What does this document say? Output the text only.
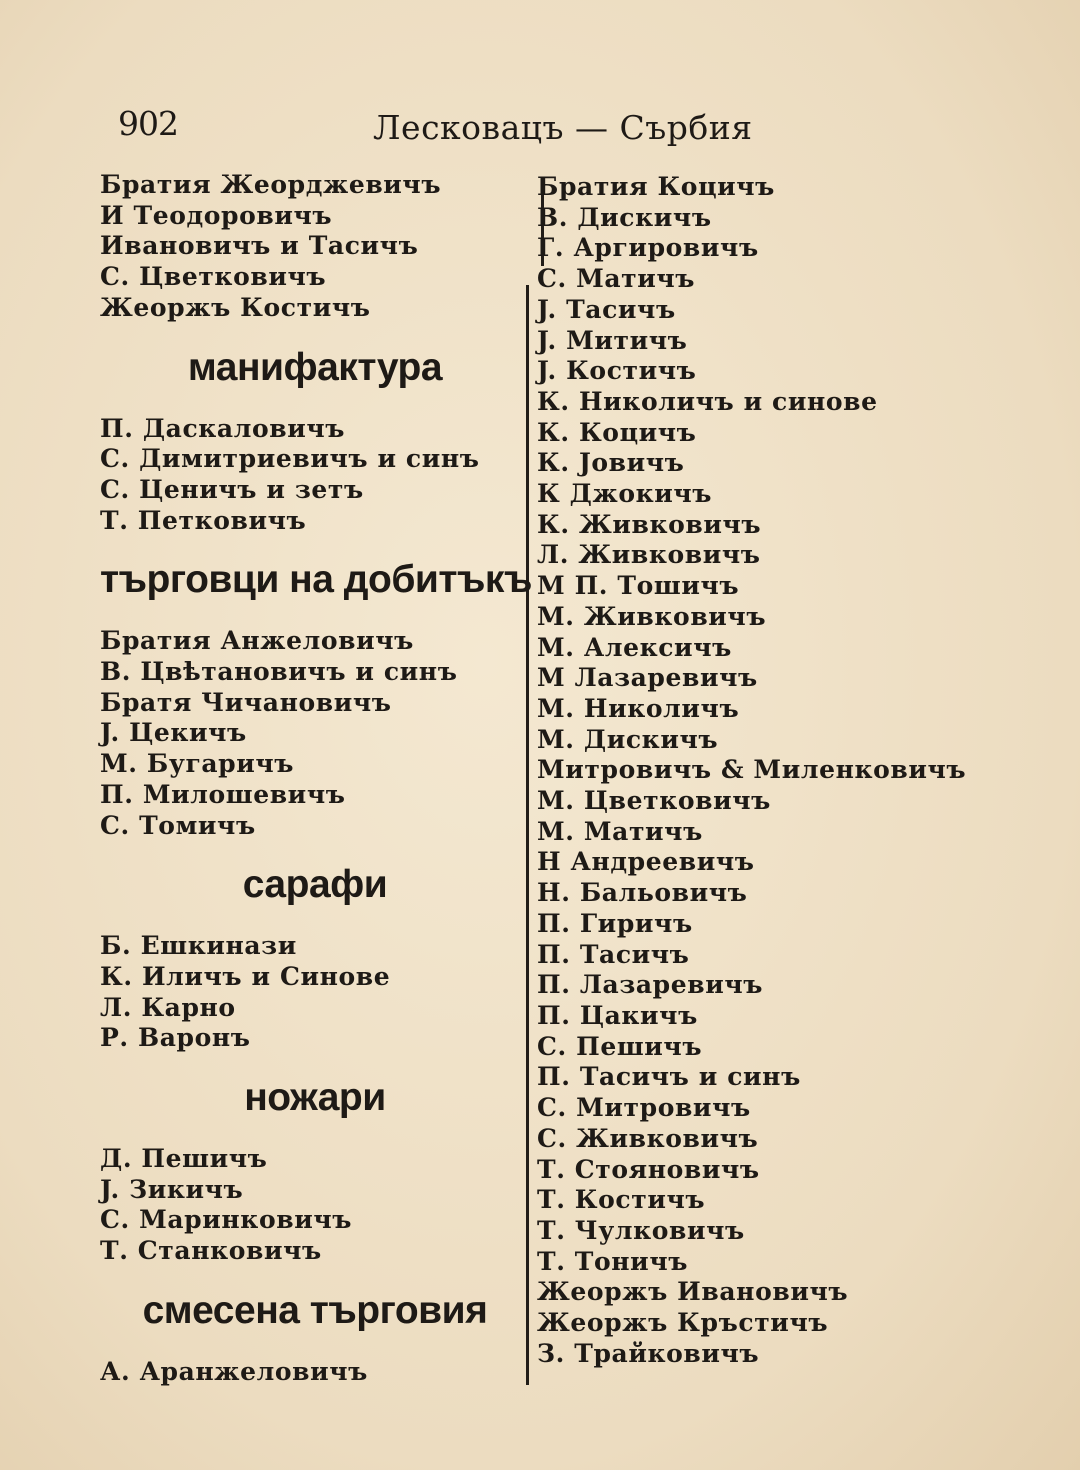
902	Лесковацъ — Сърбия
Братия Жеорджевичъ
И Теодоровичъ
Ивановичъ и Тасичъ
С. Цветковичъ
Жеоржъ Костичъ
манифактура
П. Даскаловичъ
С. Димитриевичъ и синъ
С. Ценичъ и зетъ
Т. Петковичъ
търговци на добитъкъ
Братия Анжеловичъ
В. Цвѣтановичъ и синъ
Братя Чичановичъ
J. Цекичъ
М. Бугаричъ
П. Милошевичъ
С. Томичъ
сарафи
Б. Ешкинази
К. Иличъ и Синове
Л. Карно
Р. Варонъ
ножари
Д. Пешичъ
J. Зикичъ
С. Маринковичъ
Т. Станковичъ
смесена търговия
А. Аранжеловичъ
Братия Коцичъ
В. Дискичъ
Г. Аргировичъ
С. Матичъ
J. Тасичъ
J. Митичъ
J. Костичъ
К. Николичъ и синове
К. Коцичъ
К. Јовичъ
К Джокичъ
К. Живковичъ
Л. Живковичъ
М П. Тошичъ
М. Живковичъ
М. Алексичъ
М Лазаревичъ
М. Николичъ
М. Дискичъ
Митровичъ & Миленковичъ
М. Цветковичъ
М. Матичъ
Н Андреевичъ
Н. Бальовичъ
П. Гиричъ
П. Тасичъ
П. Лазаревичъ
П. Цакичъ
С. Пешичъ
П. Тасичъ и синъ
С. Митровичъ
С. Живковичъ
Т. Стояновичъ
Т. Костичъ
Т. Чулковичъ
Т. Тоничъ
Жеоржъ Ивановичъ
Жеоржъ Кръстичъ
З. Трайковичъ
